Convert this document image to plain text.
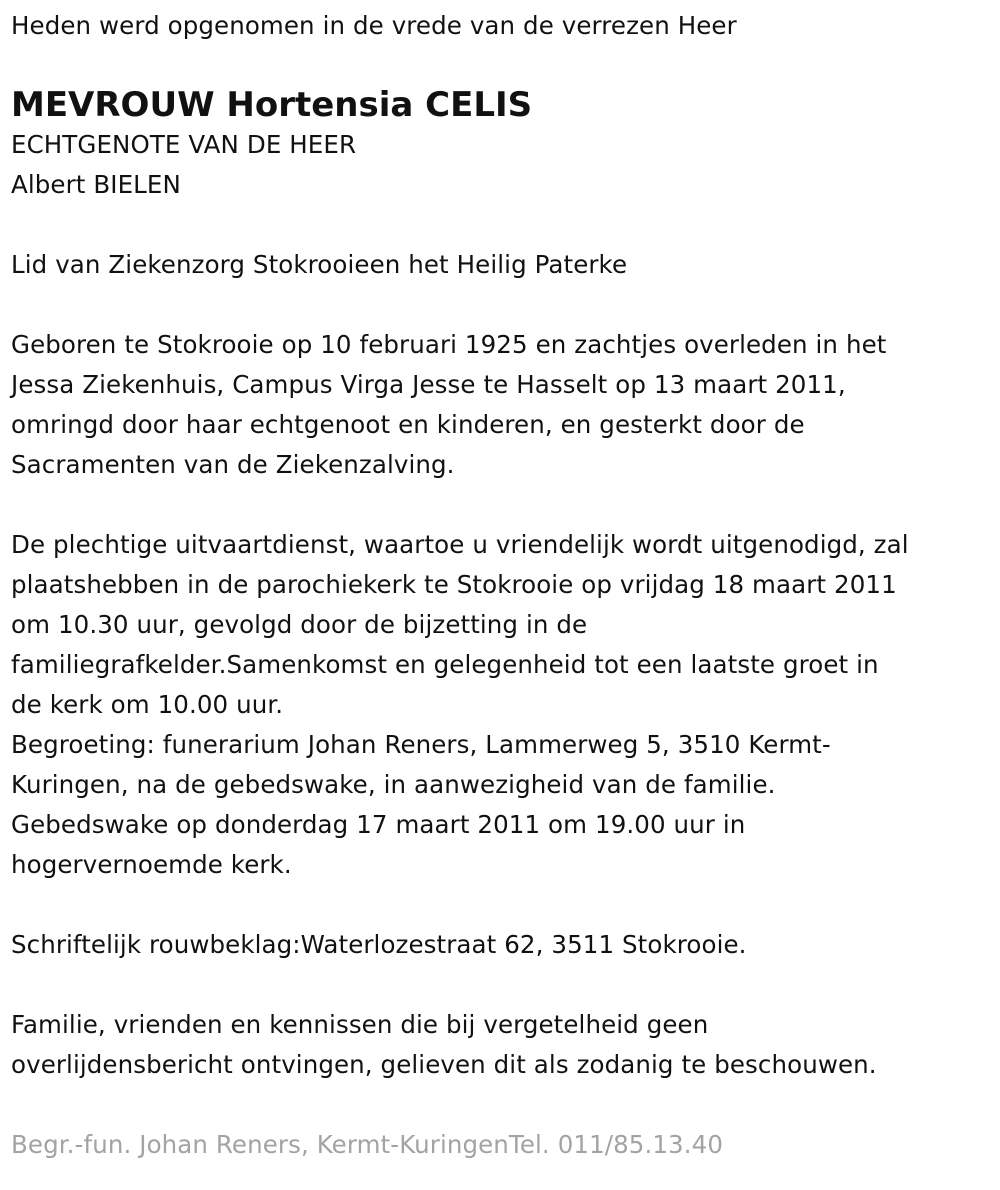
Heden werd opgenomen in de vrede van de verrezen Heer
MEVROUW Hortensia CELIS
ECHTGENOTE VAN DE HEER
Albert BIELEN
Lid van Ziekenzorg Stokrooieen het Heilig Paterke
Geboren te Stokrooie op 10 februari 1925 en zachtjes overleden in het
Jessa Ziekenhuis, Campus Virga Jesse te Hasselt op 13 maart 2011,
omringd door haar echtgenoot en kinderen, en gesterkt door de
Sacramenten van de Ziekenzalving.
De plechtige uitvaartdienst, waartoe u vriendelijk wordt uitgenodigd, zal
plaatshebben in de parochiekerk te Stokrooie op vrijdag 18 maart 2011
om 10.30 uur, gevolgd door de bijzetting in de
familiegrafkelder.Samenkomst en gelegenheid tot een laatste groet in
de kerk om 10.00 uur.
Begroeting: funerarium Johan Reners, Lammerweg 5, 3510 Kermt-
Kuringen, na de gebedswake, in aanwezigheid van de familie.
Gebedswake op donderdag 17 maart 2011 om 19.00 uur in
hogervernoemde kerk.
Schriftelijk rouwbeklag:Waterlozestraat 62, 3511 Stokrooie.
Familie, vrienden en kennissen die bij vergetelheid geen
overlijdensbericht ontvingen, gelieven dit als zodanig te beschouwen.
Begr.-fun. Johan Reners, Kermt-KuringenTel. 011/85.13.40
